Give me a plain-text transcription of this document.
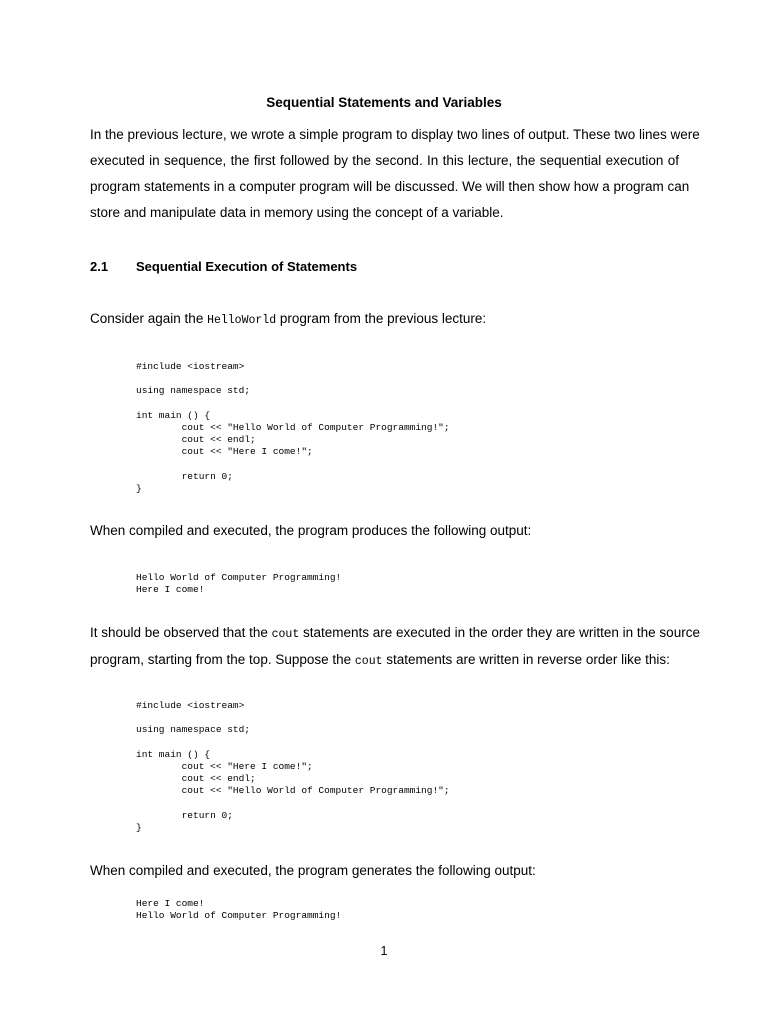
Sequential Statements and Variables
In the previous lecture, we wrote a simple program to display two lines of output. These two lines were
executed in sequence, the first followed by the second. In this lecture, the sequential execution of
program statements in a computer program will be discussed. We will then show how a program can
store and manipulate data in memory using the concept of a variable.
2.1 Sequential Execution of Statements
Consider again the HelloWorld program from the previous lecture:
#include <iostream>

using namespace std;

int main () {
cout << "Hello World of Computer Programming!";
cout << endl;
cout << "Here I come!";

return 0;
}
When compiled and executed, the program produces the following output:
Hello World of Computer Programming!
Here I come!
It should be observed that the cout statements are executed in the order they are written in the source
program, starting from the top. Suppose the cout statements are written in reverse order like this:
#include <iostream>

using namespace std;

int main () {
cout << "Here I come!";
cout << endl;
cout << "Hello World of Computer Programming!";

return 0;
}
When compiled and executed, the program generates the following output:
Here I come!
Hello World of Computer Programming!
1
